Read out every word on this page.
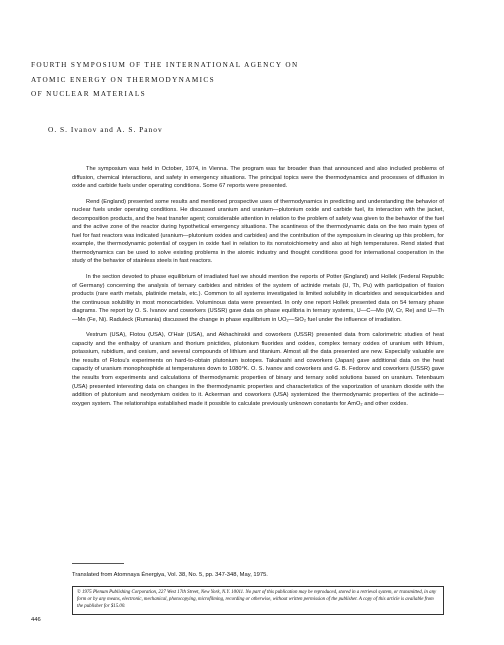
FOURTH SYMPOSIUM OF THE INTERNATIONAL AGENCY ON
ATOMIC ENERGY ON THERMODYNAMICS
OF NUCLEAR MATERIALS
O. S. Ivanov and A. S. Panov

The symposium was held in October, 1974, in Vienna. The program was far broader than that announced and also included problems of diffusion, chemical interactions, and safety in emergency situations. The principal topics were the thermodynamics and processes of diffusion in oxide and carbide fuels under operating conditions. Some 67 reports were presented.

Rend (England) presented some results and mentioned prospective uses of thermodynamics in predicting and understanding the behavior of nuclear fuels under operating conditions. He discussed uranium and uranium—plutonium oxide and carbide fuel, its interaction with the jacket, decomposition products, and the heat transfer agent; considerable attention in relation to the problem of safety was given to the behavior of the fuel and the active zone of the reactor during hypothetical emergency situations. The scantiness of the thermodynamic data on the two main types of fuel for fast reactors was indicated (uranium—plutonium oxides and carbides) and the contribution of the symposium in clearing up this problem, for example, the thermodynamic potential of oxygen in oxide fuel in relation to its nonstoichiometry and also at high temperatures. Rend stated that thermodynamics can be used to solve existing problems in the atomic industry and thought conditions good for international cooperation in the study of the behavior of stainless steels in fast reactors.

In the section devoted to phase equilibrium of irradiated fuel we should mention the reports of Potter (England) and Hollek (Federal Republic of Germany) concerning the analysis of ternary carbides and nitrides of the system of actinide metals (U, Th, Pu) with participation of fission products (rare earth metals, platinide metals, etc.). Common to all systems investigated is limited solubility in dicarbides and sesquicarbides and the continuous solubility in most monocarbides. Voluminous data were presented. In only one report Hollek presented data on 54 ternary phase diagrams. The report by O. S. Ivanov and coworkers (USSR) gave data on phase equilibria in ternary systems, U—C—Mo (W, Cr, Re) and U—Th—Mn (Fe, Ni). Raduleck (Rumania) discussed the change in phase equilibrium in UO₂—SiO₂ fuel under the influence of irradiation.

Vestrum (USA), Flotou (USA), O'Hair (USA), and Akhachinskii and coworkers (USSR) presented data from calorimetric studies of heat capacity and the enthalpy of uranium and thorium pnictides, plutonium fluorides and oxides, complex ternary oxides of uranium with lithium, potassium, rubidium, and cesium, and several compounds of lithium and titanium. Almost all the data presented are new. Especially valuable are the results of Flotou's experiments on hard-to-obtain plutonium isotopes. Takahashi and coworkers (Japan) gave additional data on the heat capacity of uranium monophosphide at temperatures down to 1080°K. O. S. Ivanov and coworkers and G. B. Fedorov and coworkers (USSR) gave the results from experiments and calculations of thermodynamic properties of binary and ternary solid solutions based on uranium. Tetenbaum (USA) presented interesting data on changes in the thermodynamic properties and characteristics of the vaporization of uranium dioxide with the addition of plutonium and neodymium oxides to it. Ackerman and coworkers (USA) systemized the thermodynamic properties of the actinide—oxygen system. The relationships established made it possible to calculate previously unknown constants for AmO₂ and other oxides.

Translated from Atomnaya Énergiya, Vol. 38, No. 5, pp. 347-348, May, 1975.
© 1975 Plenum Publishing Corporation, 227 West 17th Street, New York, N.Y. 10011. No part of this publication may be reproduced, stored in a retrieval system, or transmitted, in any form or by any means, electronic, mechanical, photocopying, microfilming, recording or otherwise, without written permission of the publisher. A copy of this article is available from the publisher for $15.00.
446
